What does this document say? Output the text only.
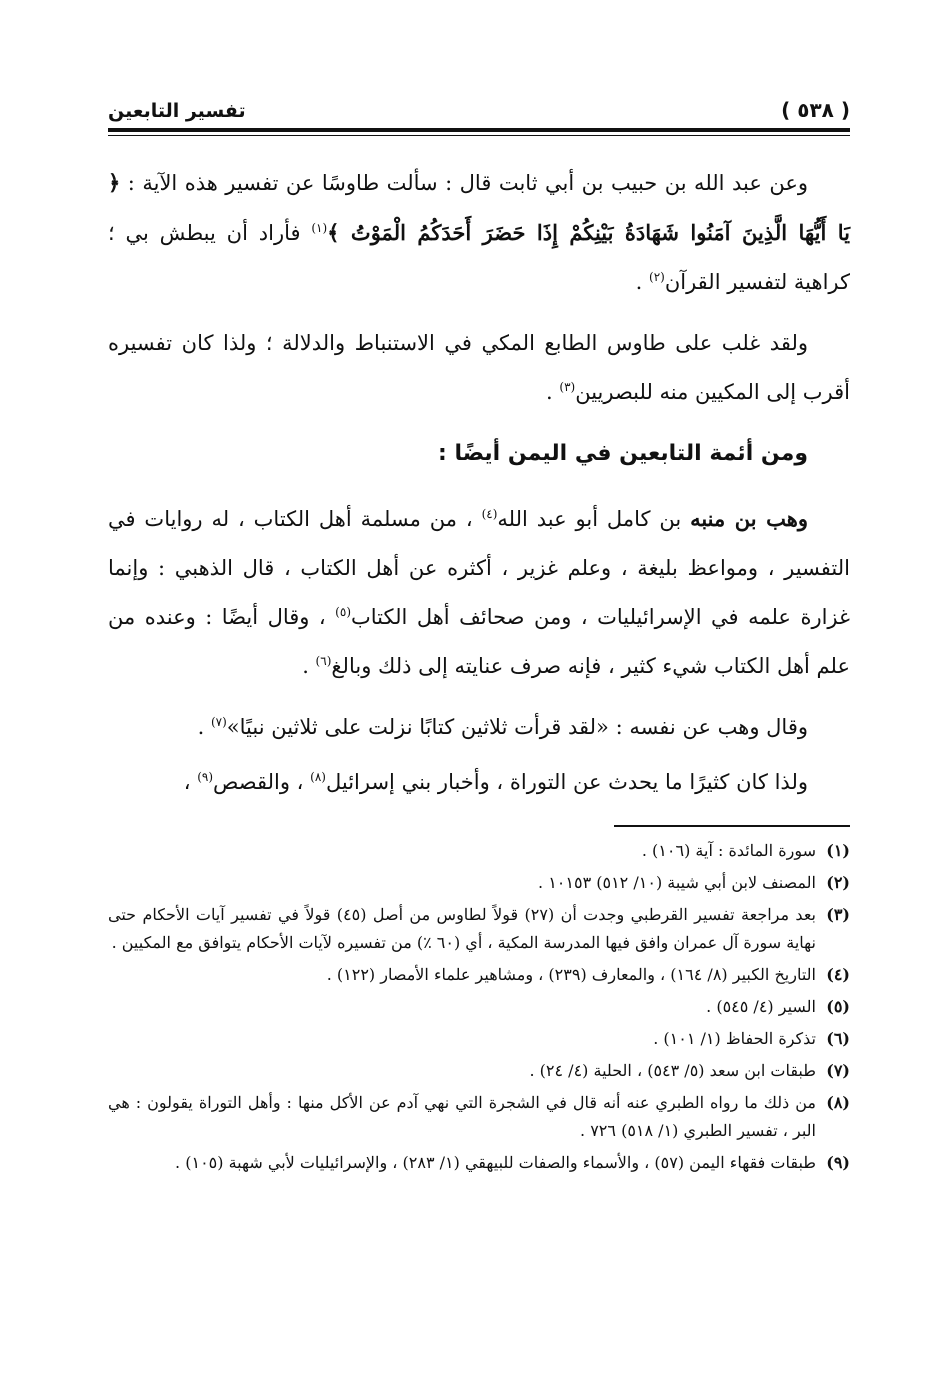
( ٥٣٨ )
تفسير التابعين

وعن عبد الله بن حبيب بن أبي ثابت قال : سألت طاوسًا عن تفسير هذه الآية : ﴿ يَا أَيُّهَا الَّذِينَ آمَنُوا شَهَادَةُ بَيْنِكُمْ إِذَا حَضَرَ أَحَدَكُمُ الْمَوْتُ ﴾$^{(١)}$ فأراد أن يبطش بي ؛ كراهية لتفسير القرآن$^{(٢)}$ .

ولقد غلب على طاوس الطابع المكي في الاستنباط والدلالة ؛ ولذا كان تفسيره أقرب إلى المكيين منه للبصريين$^{(٣)}$ .

ومن أئمة التابعين في اليمن أيضًا :

وهب بن منبه بن كامل أبو عبد الله$^{(٤)}$ ، من مسلمة أهل الكتاب ، له روايات في التفسير ، ومواعظ بليغة ، وعلم غزير ، أكثره عن أهل الكتاب ، قال الذهبي : وإنما غزارة علمه في الإسرائيليات ، ومن صحائف أهل الكتاب$^{(٥)}$ ، وقال أيضًا : وعنده من علم أهل الكتاب شيء كثير ، فإنه صرف عنايته إلى ذلك وبالغ$^{(٦)}$ .

وقال وهب عن نفسه : «لقد قرأت ثلاثين كتابًا نزلت على ثلاثين نبيًا»$^{(٧)}$ .

ولذا كان كثيرًا ما يحدث عن التوراة ، وأخبار بني إسرائيل$^{(٨)}$ ، والقصص$^{(٩)}$ ،

(١)
سورة المائدة : آية (١٠٦) .
(٢)
المصنف لابن أبي شيبة (١٠/ ٥١٢) ١٠١٥٣ .
(٣)
بعد مراجعة تفسير القرطبي وجدت أن (٢٧) قولاً لطاوس من أصل (٤٥) قولاً في تفسير آيات الأحكام حتى نهاية سورة آل عمران وافق فيها المدرسة المكية ، أي (٦٠ ٪) من تفسيره لآيات الأحكام يتوافق مع المكيين .
(٤)
التاريخ الكبير (٨/ ١٦٤) ، والمعارف (٢٣٩) ، ومشاهير علماء الأمصار (١٢٢) .
(٥)
السير (٤/ ٥٤٥) .
(٦)
تذكرة الحفاظ (١/ ١٠١) .
(٧)
طبقات ابن سعد (٥/ ٥٤٣) ، الحلية (٤/ ٢٤) .
(٨)
من ذلك ما رواه الطبري عنه أنه قال في الشجرة التي نهي آدم عن الأكل منها : وأهل التوراة يقولون : هي البر ، تفسير الطبري (١/ ٥١٨) ٧٢٦ .
(٩)
طبقات فقهاء اليمن (٥٧) ، والأسماء والصفات للبيهقي (١/ ٢٨٣) ، والإسرائيليات لأبي شهبة (١٠٥) .
